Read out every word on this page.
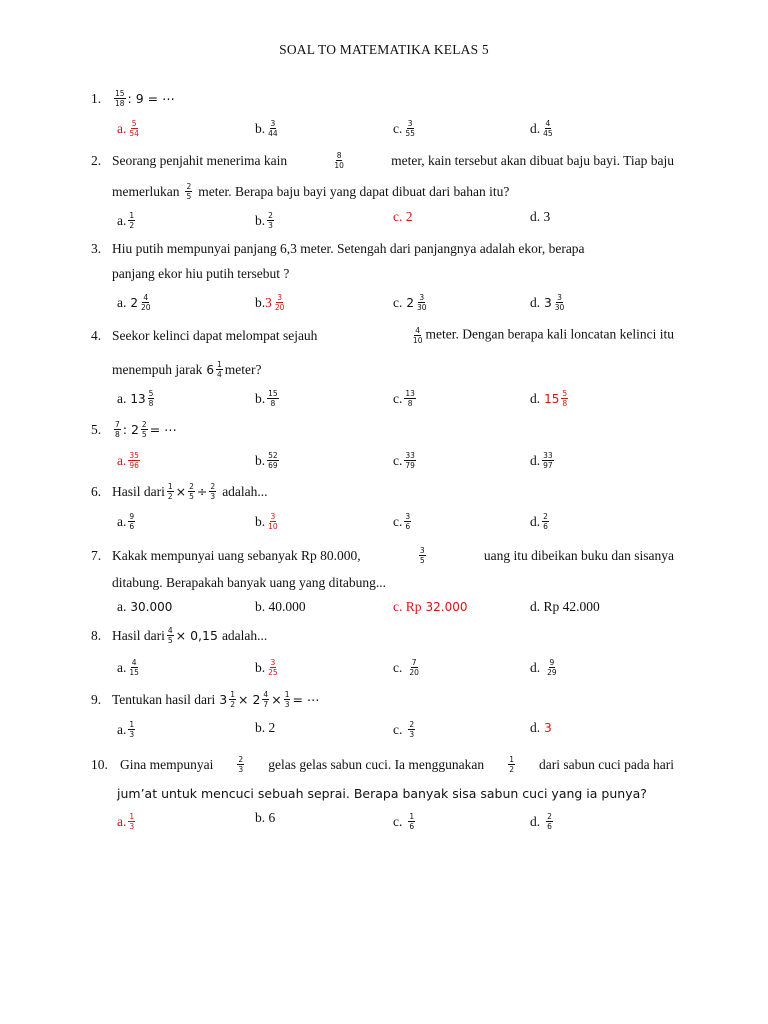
SOAL TO MATEMATIKA KELAS 5
1.	$\frac{15}{18}$ : 9 = ⋯
a. $\frac{5}{54}$	b. $\frac{3}{44}$	c. $\frac{3}{55}$	d. $\frac{4}{45}$
2. Seorang penjahit menerima kain	$\frac{8}{10}$	meter, kain tersebut akan dibuat baju bayi. Tiap baju
memerlukan $\frac{2}{5}$ meter. Berapa baju bayi yang dapat dibuat dari bahan itu?
a. $\frac{1}{2}$	b. $\frac{2}{3}$	c. 2	d. 3
3. Hiu putih mempunyai panjang 6,3 meter. Setengah dari panjangnya adalah ekor, berapa
panjang ekor hiu putih tersebut ?
a. $2 \frac{4}{20}$	b. $3 \frac{3}{20}$	c. $2 \frac{3}{30}$	d. $3 \frac{3}{30}$
4. Seekor kelinci dapat melompat sejauh	$\frac{4}{10}$ meter. Dengan berapa kali loncatan kelinci itu
menempuh jarak $6 \frac{1}{4}$ meter?
a. $13 \frac{5}{8}$	b. $\frac{15}{8}$	c. $\frac{13}{8}$	d. $15 \frac{5}{8}$
5.	$\frac{7}{8}$ : $2 \frac{2}{5}$ = ⋯
a. $\frac{35}{96}$	b. $\frac{52}{69}$	c. $\frac{33}{79}$	d. $\frac{33}{97}$
6. Hasil dari $\frac{1}{2} \times \frac{2}{5} \div \frac{2}{3}$ adalah...
a. $\frac{9}{6}$	b. $\frac{3}{10}$	c. $\frac{3}{6}$	d. $\frac{2}{6}$
7. Kakak mempunyai uang sebanyak Rp 80.000,	$\frac{3}{5}$	uang itu dibeikan buku dan sisanya
ditabung. Berapakah banyak uang yang ditabung...
a. 30.000	b. 40.000	c. Rp 32.000	d. Rp 42.000
8. Hasil dari $\frac{4}{5} \times 0,15$ adalah...
a. $\frac{4}{15}$	b. $\frac{3}{25}$	c. $\frac{7}{20}$	d. $\frac{9}{29}$
9. Tentukan hasil dari $3 \frac{1}{2} \times 2 \frac{4}{7} \times \frac{1}{3}$ = ⋯
a. $\frac{1}{3}$	b. 2	c. $\frac{2}{3}$	d. 3
10. Gina mempunyai	$\frac{2}{3}$ gelas gelas sabun cuci. Ia menggunakan	$\frac{1}{2}$ dari sabun cuci pada hari
jum’at untuk mencuci sebuah seprai. Berapa banyak sisa sabun cuci yang ia punya?
a. $\frac{1}{3}$	b. 6	c. $\frac{1}{6}$	d. $\frac{2}{6}$
